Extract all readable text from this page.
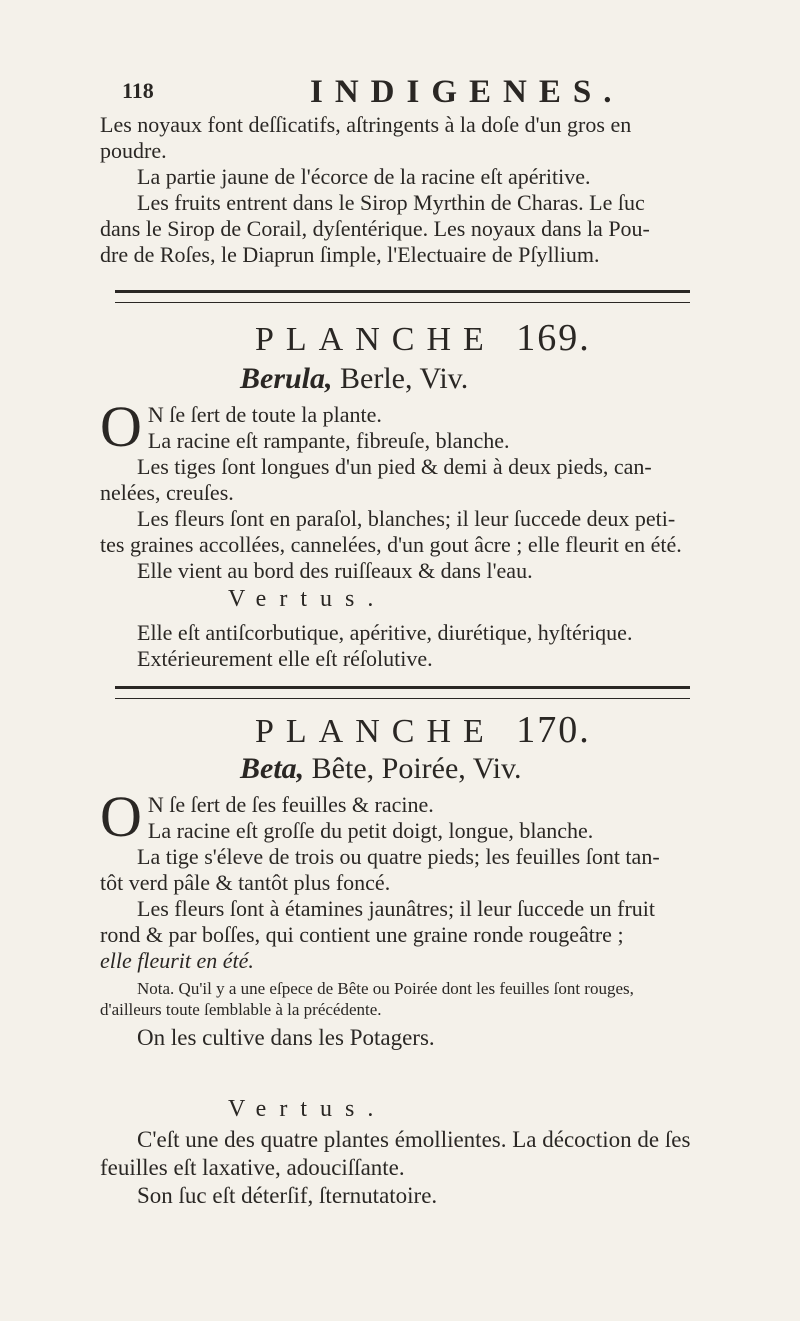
118	INDIGENES.
Les noyaux font deſſicatifs, aſtringents à la doſe d'un gros en
poudre.
La partie jaune de l'écorce de la racine eſt apéritive.
Les fruits entrent dans le Sirop Myrthin de Charas. Le ſuc
dans le Sirop de Corail, dyſentérique. Les noyaux dans la Pou-
dre de Roſes, le Diaprun ſimple, l'Electuaire de Pſyllium.
PLANCHE 169.
Berula, Berle, Viv.
O N ſe ſert de toute la plante.
La racine eſt rampante, fibreuſe, blanche.
Les tiges ſont longues d'un pied & demi à deux pieds, can-
nelées, creuſes.
Les fleurs ſont en paraſol, blanches; il leur ſuccede deux peti-
tes graines accollées, cannelées, d'un gout âcre ; elle fleurit en été.
Elle vient au bord des ruiſſeaux & dans l'eau.
Vertus.
Elle eſt antiſcorbutique, apéritive, diurétique, hyſtérique.
Extérieurement elle eſt réſolutive.
PLANCHE 170.
Beta, Bête, Poirée, Viv.
O N ſe ſert de ſes feuilles & racine.
La racine eſt groſſe du petit doigt, longue, blanche.
La tige s'éleve de trois ou quatre pieds; les feuilles ſont tan-
tôt verd pâle & tantôt plus foncé.
Les fleurs ſont à étamines jaunâtres; il leur ſuccede un fruit
rond & par boſſes, qui contient une graine ronde rougeâtre ;
elle fleurit en été.
Nota. Qu'il y a une eſpece de Bête ou Poirée dont les feuilles ſont rouges,
d'ailleurs toute ſemblable à la précédente.
On les cultive dans les Potagers.
Vertus.
C'eſt une des quatre plantes émollientes. La décoction de ſes
feuilles eſt laxative, adouciſſante.
Son ſuc eſt déterſif, ſternutatoire.
